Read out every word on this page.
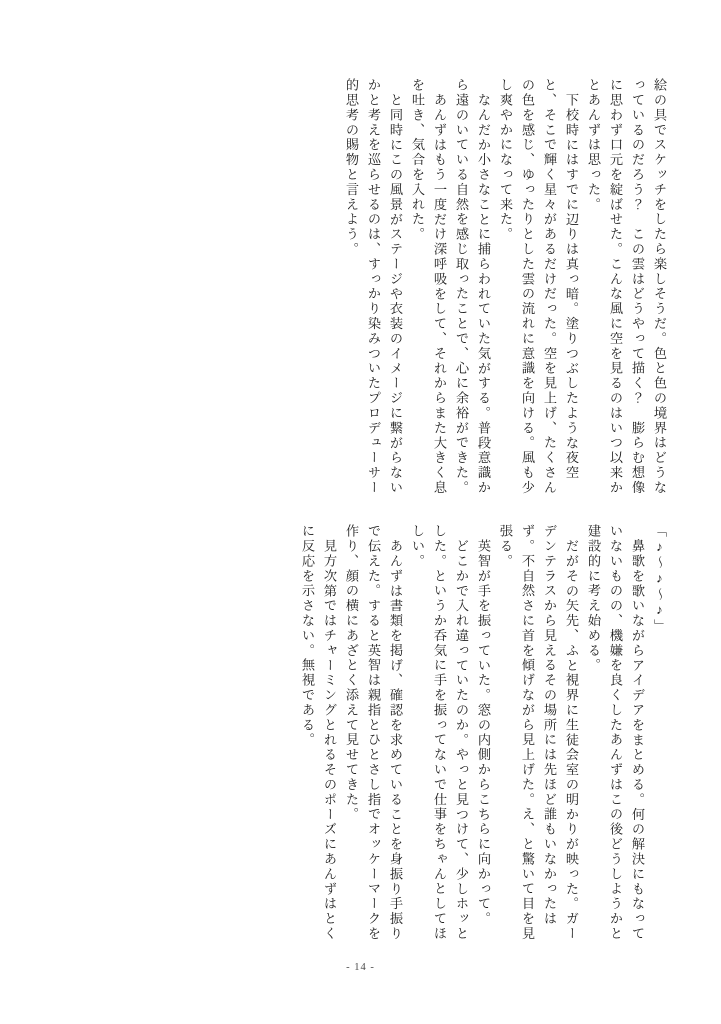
絵の具でスケッチをしたら楽しそうだ。色と色の境界はどうなっているのだろう？　この雲はどうやって描く？　膨らむ想像に思わず口元を綻ばせた。こんな風に空を見るのはいつ以来かとあんずは思った。

下校時にはすでに辺りは真っ暗。塗りつぶしたような夜空と、そこで輝く星々があるだけだった。空を見上げ、たくさんの色を感じ、ゆったりとした雲の流れに意識を向ける。風も少し爽やかになって来た。

なんだか小さなことに捕らわれていた気がする。普段意識から遠のいている自然を感じ取ったことで、心に余裕ができた。

あんずはもう一度だけ深呼吸をして、それからまた大きく息を吐き、気合を入れた。

と同時にこの風景がステージや衣装のイメージに繋がらないかと考えを巡らせるのは、すっかり染みついたプロデューサー的思考の賜物と言えよう。

「♪～♪～♪」

鼻歌を歌いながらアイデアをまとめる。何の解決にもなっていないものの、機嫌を良くしたあんずはこの後どうしようかと建設的に考え始める。

だがその矢先、ふと視界に生徒会室の明かりが映った。ガーデンテラスから見えるその場所には先ほど誰もいなかったはず。不自然さに首を傾げながら見上げた。え、と驚いて目を見張る。

英智が手を振っていた。窓の内側からこちらに向かって。

どこかで入れ違っていたのか。やっと見つけて、少しホッとした。というか呑気に手を振ってないで仕事をちゃんとしてほしい。

あんずは書類を掲げ、確認を求めていることを身振り手振りで伝えた。すると英智は親指とひとさし指でオッケーマークを作り、顔の横にあざとく添えて見せてきた。

見方次第ではチャーミングとれるそのポーズにあんずはとくに反応を示さない。無視である。

- 14 -
